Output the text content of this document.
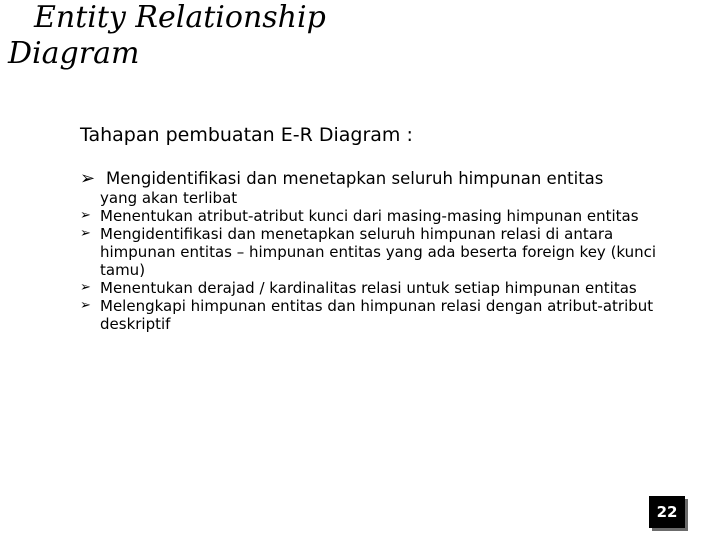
Entity Relationship
Diagram

Tahapan pembuatan E-R Diagram :

➢ Mengidentifikasi dan menetapkan seluruh himpunan entitas
yang akan terlibat
➢ Menentukan atribut-atribut kunci dari masing-masing himpunan entitas
➢ Mengidentifikasi dan menetapkan seluruh himpunan relasi di antara himpunan entitas – himpunan entitas yang ada beserta foreign key (kunci tamu)
➢ Menentukan derajad / kardinalitas relasi untuk setiap himpunan entitas
➢ Melengkapi himpunan entitas dan himpunan relasi dengan atribut-atribut deskriptif
22
